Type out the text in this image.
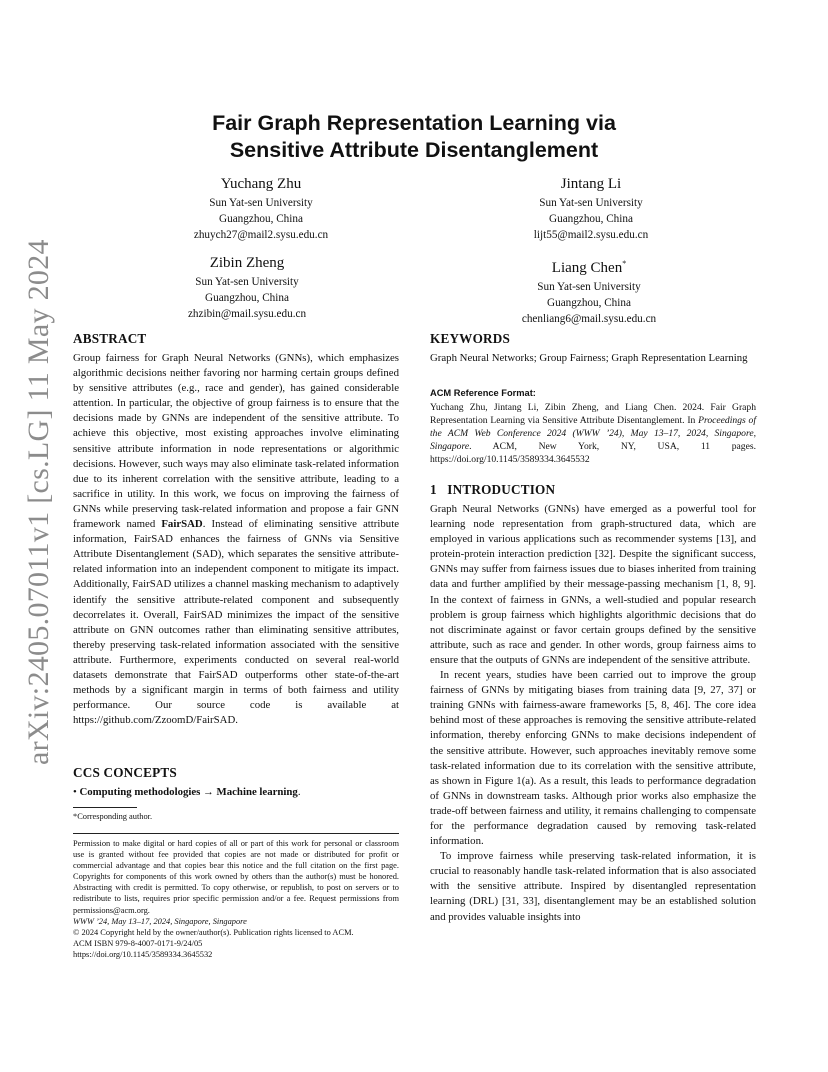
arXiv:2405.07011v1 [cs.LG] 11 May 2024
Fair Graph Representation Learning via
Sensitive Attribute Disentanglement
Yuchang Zhu
Sun Yat-sen University
Guangzhou, China
zhuych27@mail2.sysu.edu.cn
Jintang Li
Sun Yat-sen University
Guangzhou, China
lijt55@mail2.sysu.edu.cn
Zibin Zheng
Sun Yat-sen University
Guangzhou, China
zhzibin@mail.sysu.edu.cn
Liang Chen*
Sun Yat-sen University
Guangzhou, China
chenliang6@mail.sysu.edu.cn
ABSTRACT
Group fairness for Graph Neural Networks (GNNs), which emphasizes algorithmic decisions neither favoring nor harming certain groups defined by sensitive attributes (e.g., race and gender), has gained considerable attention. In particular, the objective of group fairness is to ensure that the decisions made by GNNs are independent of the sensitive attribute. To achieve this objective, most existing approaches involve eliminating sensitive attribute information in node representations or algorithmic decisions. However, such ways may also eliminate task-related information due to its inherent correlation with the sensitive attribute, leading to a sacrifice in utility. In this work, we focus on improving the fairness of GNNs while preserving task-related information and propose a fair GNN framework named FairSAD. Instead of eliminating sensitive attribute information, FairSAD enhances the fairness of GNNs via Sensitive Attribute Disentanglement (SAD), which separates the sensitive attribute-related information into an independent component to mitigate its impact. Additionally, FairSAD utilizes a channel masking mechanism to adaptively identify the sensitive attribute-related component and subsequently decorrelates it. Overall, FairSAD minimizes the impact of the sensitive attribute on GNN outcomes rather than eliminating sensitive attributes, thereby preserving task-related information associated with the sensitive attribute. Furthermore, experiments conducted on several real-world datasets demonstrate that FairSAD outperforms other state-of-the-art methods by a significant margin in terms of both fairness and utility performance. Our source code is available at https://github.com/ZzoomD/FairSAD.
CCS CONCEPTS
• Computing methodologies → Machine learning.
*Corresponding author.
Permission to make digital or hard copies of all or part of this work for personal or classroom use is granted without fee provided that copies are not made or distributed for profit or commercial advantage and that copies bear this notice and the full citation on the first page. Copyrights for components of this work owned by others than the author(s) must be honored. Abstracting with credit is permitted. To copy otherwise, or republish, to post on servers or to redistribute to lists, requires prior specific permission and/or a fee. Request permissions from permissions@acm.org.
WWW ’24, May 13–17, 2024, Singapore, Singapore
© 2024 Copyright held by the owner/author(s). Publication rights licensed to ACM.
ACM ISBN 979-8-4007-0171-9/24/05
https://doi.org/10.1145/3589334.3645532
KEYWORDS
Graph Neural Networks; Group Fairness; Graph Representation Learning
ACM Reference Format:
Yuchang Zhu, Jintang Li, Zibin Zheng, and Liang Chen. 2024. Fair Graph Representation Learning via Sensitive Attribute Disentanglement. In Proceedings of the ACM Web Conference 2024 (WWW ’24), May 13–17, 2024, Singapore, Singapore. ACM, New York, NY, USA, 11 pages. https://doi.org/10.1145/3589334.3645532
1 INTRODUCTION
Graph Neural Networks (GNNs) have emerged as a powerful tool for learning node representation from graph-structured data, which are employed in various applications such as recommender systems [13], and protein-protein interaction prediction [32]. Despite the significant success, GNNs may suffer from fairness issues due to biases inherited from training data and further amplified by their message-passing mechanism [1, 8, 9]. In the context of fairness in GNNs, a well-studied and popular research problem is group fairness which highlights algorithmic decisions that do not discriminate against or favor certain groups defined by the sensitive attribute, such as race and gender. In other words, group fairness aims to ensure that the outputs of GNNs are independent of the sensitive attribute.
In recent years, studies have been carried out to improve the group fairness of GNNs by mitigating biases from training data [9, 27, 37] or training GNNs with fairness-aware frameworks [5, 8, 46]. The core idea behind most of these approaches is removing the sensitive attribute-related information, thereby enforcing GNNs to make decisions independent of the sensitive attribute. However, such approaches inevitably remove some task-related information due to its correlation with the sensitive attribute, as shown in Figure 1(a). As a result, this leads to performance degradation of GNNs in downstream tasks. Although prior works also emphasize the trade-off between fairness and utility, it remains challenging to compensate for the performance degradation caused by removing task-related information.
To improve fairness while preserving task-related information, it is crucial to reasonably handle task-related information that is also associated with the sensitive attribute. Inspired by disentangled representation learning (DRL) [31, 33], disentanglement may be an established solution and provides valuable insights into
